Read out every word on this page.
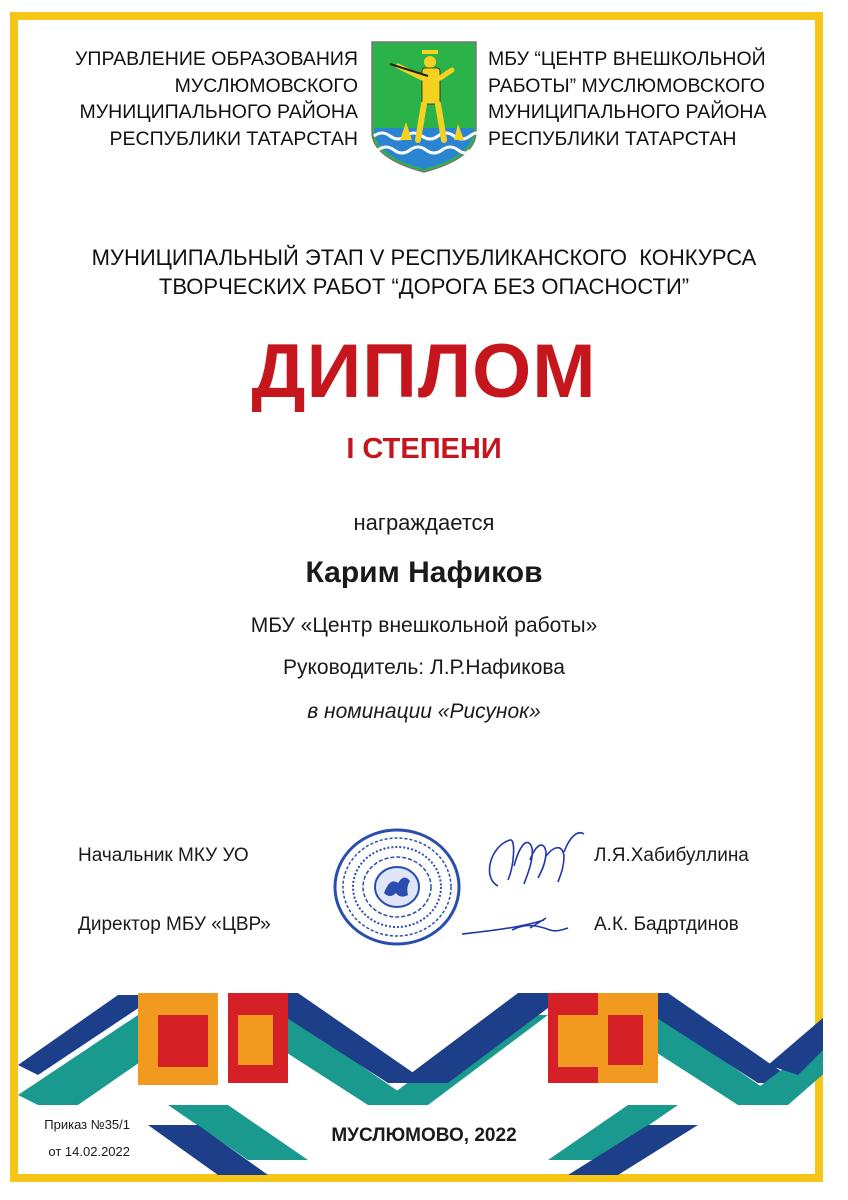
УПРАВЛЕНИЕ ОБРАЗОВАНИЯ
МУСЛЮМОВСКОГО
МУНИЦИПАЛЬНОГО РАЙОНА
РЕСПУБЛИКИ ТАТАРСТАН
МБУ “ЦЕНТР ВНЕШКОЛЬНОЙ
РАБОТЫ” МУСЛЮМОВСКОГО
МУНИЦИПАЛЬНОГО РАЙОНА
РЕСПУБЛИКИ ТАТАРСТАН
МУНИЦИПАЛЬНЫЙ ЭТАП V РЕСПУБЛИКАНСКОГО  КОНКУРСА
ТВОРЧЕСКИХ РАБОТ “ДОРОГА БЕЗ ОПАСНОСТИ”
ДИПЛОМ
I СТЕПЕНИ
награждается
Карим Нафиков
МБУ «Центр внешкольной работы»
Руководитель: Л.Р.Нафикова
в номинации «Рисунок»
Начальник МКУ УО
Директор МБУ «ЦВР»
Л.Я.Хабибуллина
А.К. Бадртдинов
Приказ №35/1
от 14.02.2022
МУСЛЮМОВО, 2022
